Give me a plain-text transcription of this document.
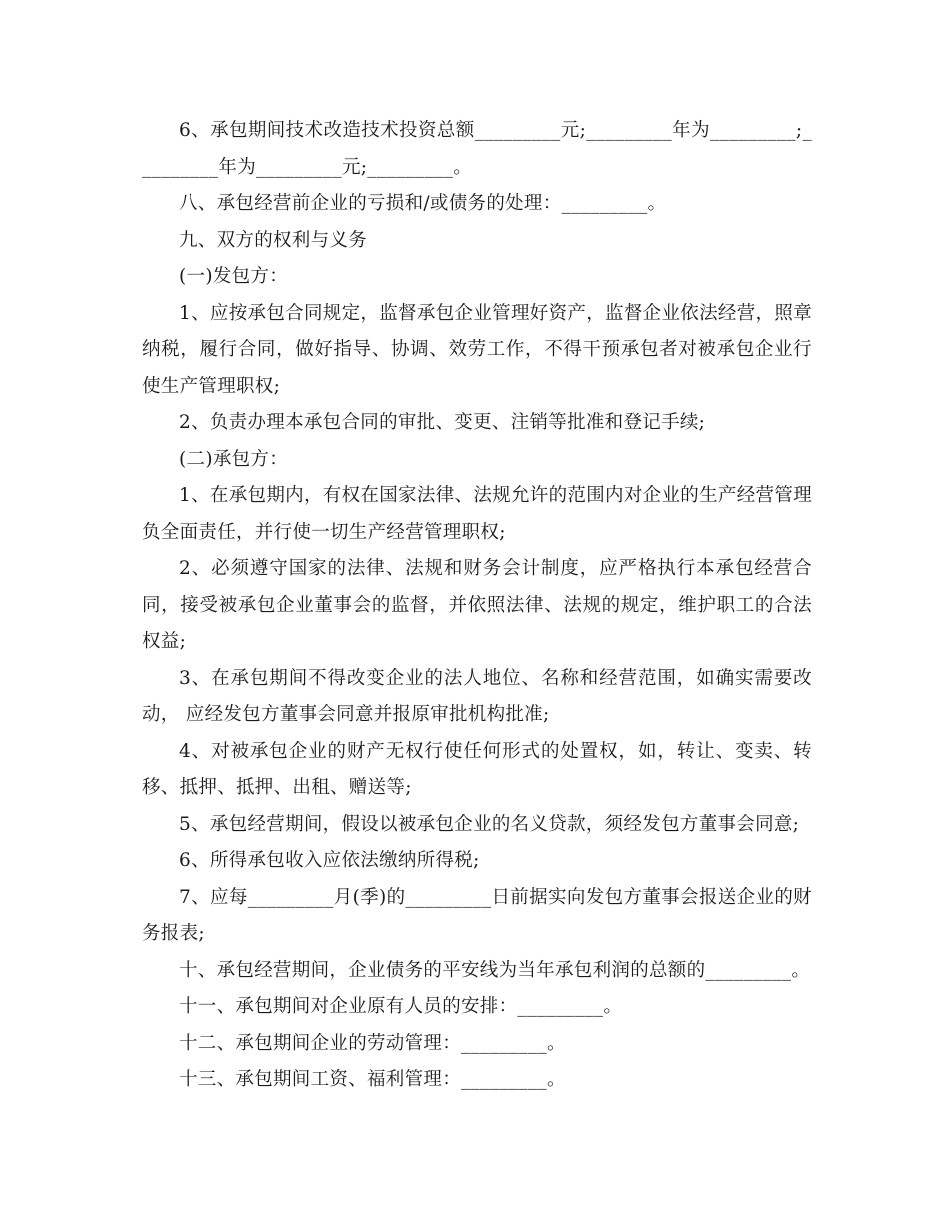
6、承包期间技术改造技术投资总额_________元;_________年为_________;_________年为_________元;_________。

八、承包经营前企业的亏损和/或债务的处理：_________。

九、双方的权利与义务

(一)发包方：

1、应按承包合同规定，监督承包企业管理好资产，监督企业依法经营，照章纳税，履行合同，做好指导、协调、效劳工作，不得干预承包者对被承包企业行使生产管理职权;

2、负责办理本承包合同的审批、变更、注销等批准和登记手续;

(二)承包方：

1、在承包期内，有权在国家法律、法规允许的范围内对企业的生产经营管理负全面责任，并行使一切生产经营管理职权;

2、必须遵守国家的法律、法规和财务会计制度，应严格执行本承包经营合同，接受被承包企业董事会的监督，并依照法律、法规的规定，维护职工的合法权益;

3、在承包期间不得改变企业的法人地位、名称和经营范围，如确实需要改动， 应经发包方董事会同意并报原审批机构批准;

4、对被承包企业的财产无权行使任何形式的处置权，如，转让、变卖、转移、抵押、抵押、出租、赠送等;

5、承包经营期间，假设以被承包企业的名义贷款，须经发包方董事会同意;

6、所得承包收入应依法缴纳所得税;

7、应每_________月(季)的_________日前据实向发包方董事会报送企业的财务报表;

十、承包经营期间，企业债务的平安线为当年承包利润的总额的_________。

十一、承包期间对企业原有人员的安排：_________。

十二、承包期间企业的劳动管理：_________。

十三、承包期间工资、福利管理：_________。
